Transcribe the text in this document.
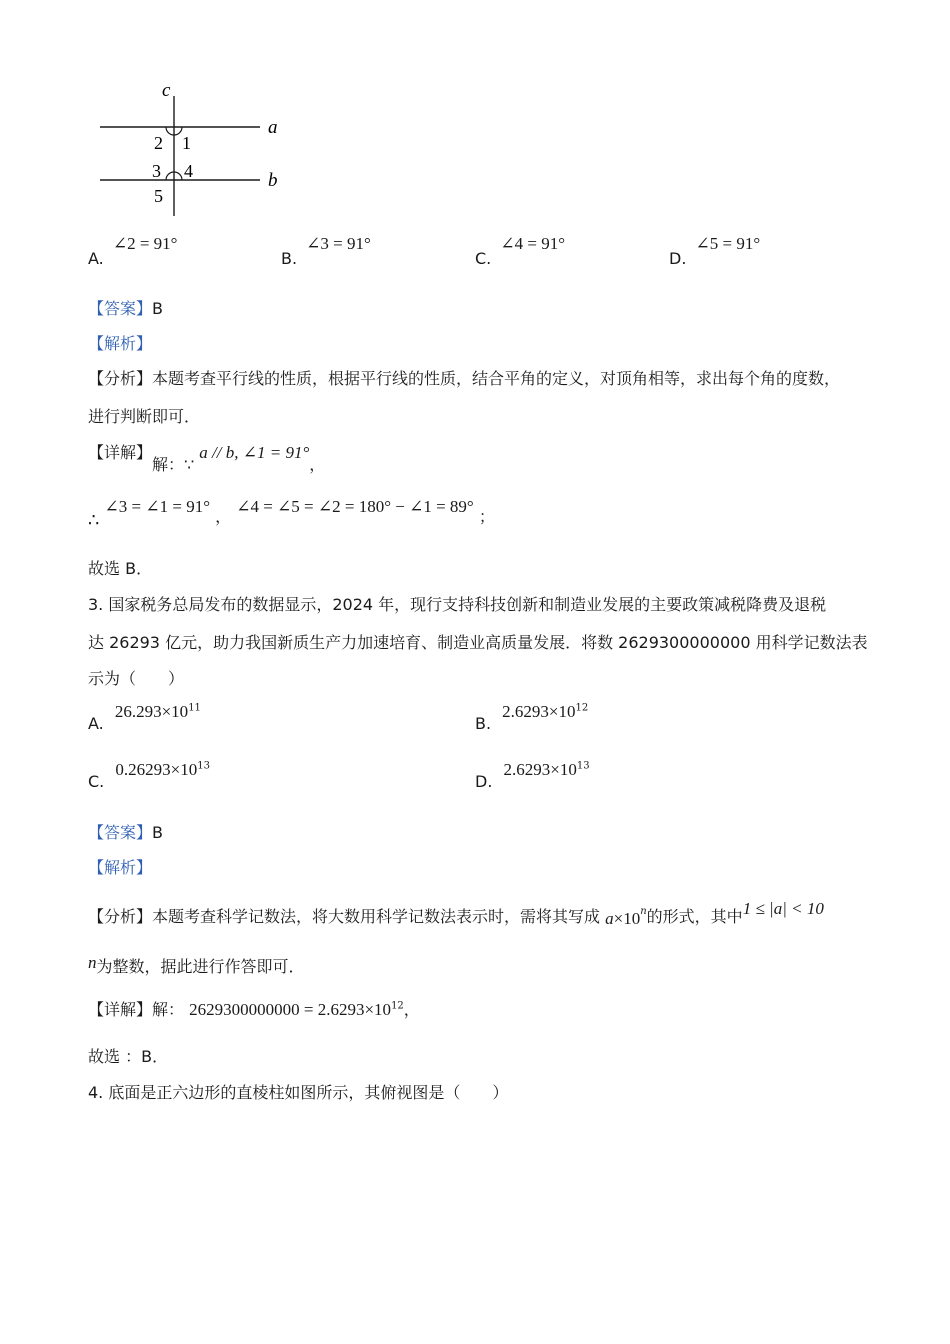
c
a
b
2 1
3 4
5
A. ∠2 = 91°
B. ∠3 = 91°
C. ∠4 = 91°
D. ∠5 = 91°
【答案】B
【解析】
【分析】本题考查平行线的性质，根据平行线的性质，结合平角的定义，对顶角相等，求出每个角的度数，
进行判断即可．
【详解】解：∵ a // b, ∠1 = 91°，
∴ ∠3 = ∠1 = 91° ， ∠4 = ∠5 = ∠2 = 180° − ∠1 = 89° ；
故选 B．
3. 国家税务总局发布的数据显示，2024 年，现行支持科技创新和制造业发展的主要政策减税降费及退税
达 26293 亿元，助力我国新质生产力加速培育、制造业高质量发展．将数 2629300000000 用科学记数法表
示为（　　）
A. $26.293\times 10^{11}$
B. $2.6293\times 10^{12}$
C. $0.26293\times 10^{13}$
D. $2.6293\times 10^{13}$
【答案】B
【解析】
【分析】本题考查科学记数法，将大数用科学记数法表示时，需将其写成 $a\times 10^n$的形式，其中1 ≤ |a| < 10
n为整数，据此进行作答即可．
【详解】解： $2629300000000 = 2.6293\times 10^{12}$，
故选 ：B．
4. 底面是正六边形的直棱柱如图所示，其俯视图是（　　）
